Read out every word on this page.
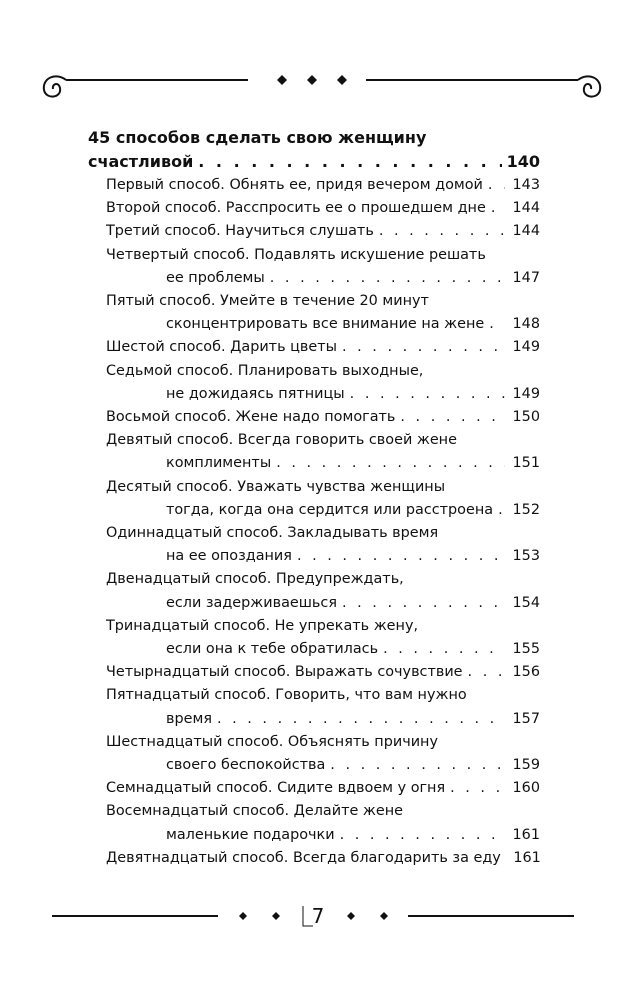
45 способов сделать свою женщину
счастливой . . .	140
Первый способ. Обнять ее, придя вечером домой . . . 143
Второй способ. Расспросить ее о прошедшем дне . . . 144
Третий способ. Научиться слушать . . .	144
Четвертый способ. Подавлять искушение решать
ее проблемы . . .	147
Пятый способ. Умейте в течение 20 минут
сконцентрировать все внимание на жене . . . 148
Шестой способ. Дарить цветы . . .	149
Седьмой способ. Планировать выходные,
не дожидаясь пятницы . . .	149
Восьмой способ. Жене надо помогать . . .	150
Девятый способ. Всегда говорить своей жене
комплименты . . .	151
Десятый способ. Уважать чувства женщины
тогда, когда она сердится или расстроена . . . 152
Одиннадцатый способ. Закладывать время
на ее опоздания . . .	153
Двенадцатый способ. Предупреждать,
если задерживаешься . . .	154
Тринадцатый способ. Не упрекать жену,
если она к тебе обратилась . . .	155
Четырнадцатый способ. Выражать сочувствие . . .	156
Пятнадцатый способ. Говорить, что вам нужно
время . . .	157
Шестнадцатый способ. Объяснять причину
своего беспокойства . . .	159
Семнадцатый способ. Сидите вдвоем у огня . . .	160
Восемнадцатый способ. Делайте жене
маленькие подарочки . . .	161
Девятнадцатый способ. Всегда благодарить за еду 161
7
